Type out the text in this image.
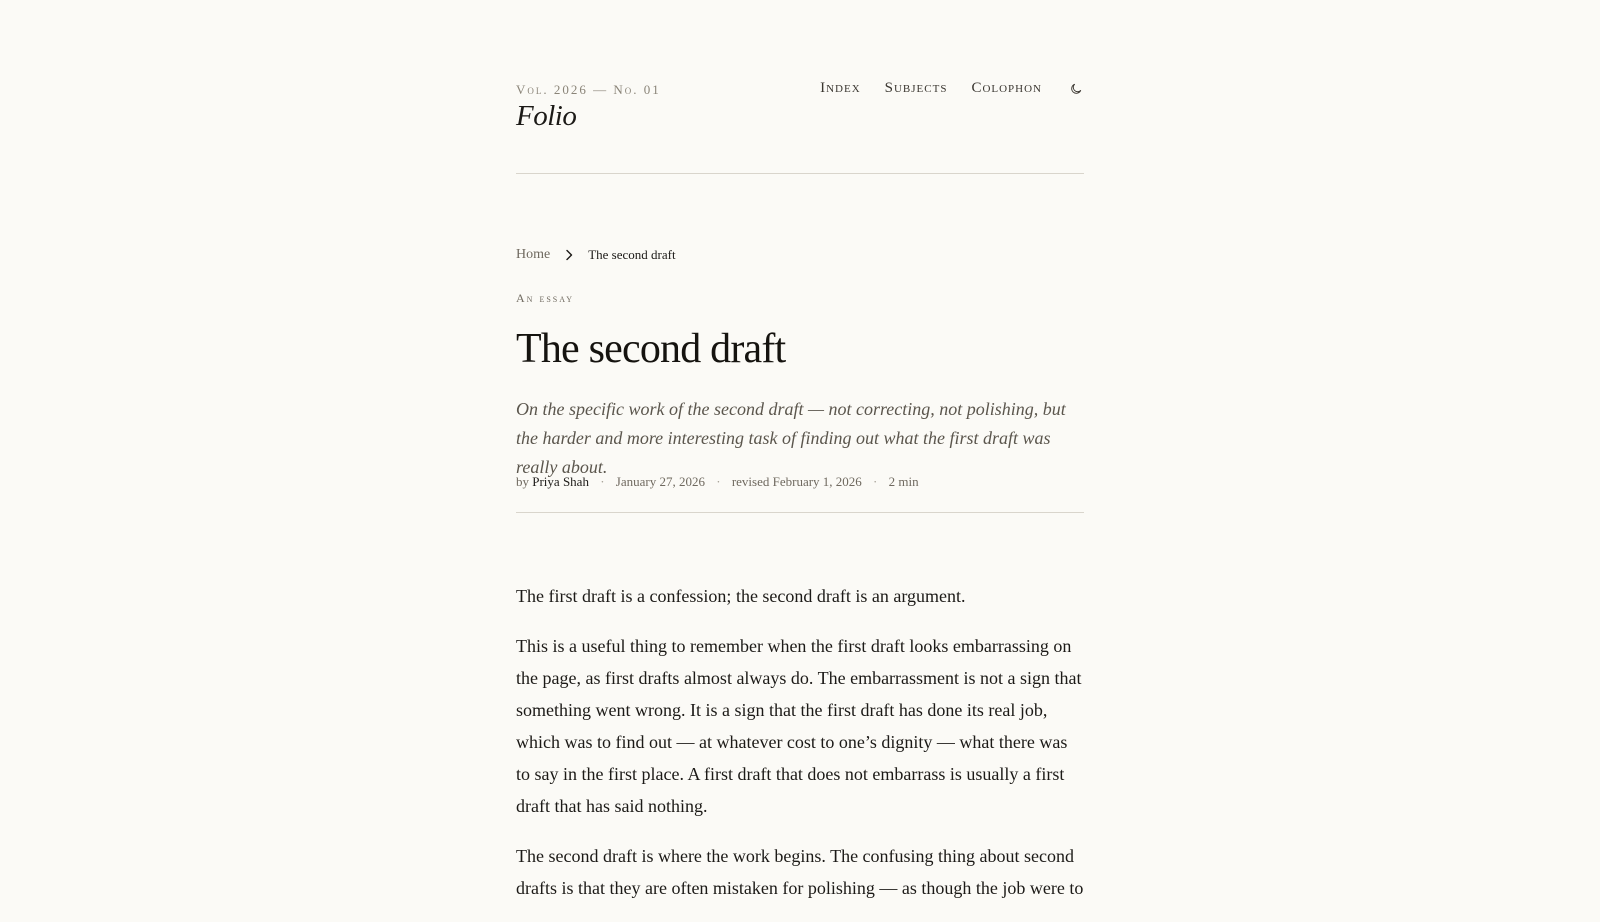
Vol. 2026 — No. 01
Folio
Index Subjects Colophon
Home	The second draft
An essay
The second draft

On the specific work of the second draft — not correcting, not polishing, but the harder and more interesting task of finding out what the first draft was really about.

by Priya Shah · January 27, 2026 · revised February 1, 2026 · 2 min

The first draft is a confession; the second draft is an argument.

This is a useful thing to remember when the first draft looks embarrassing on the page, as first drafts almost always do. The embarrassment is not a sign that something went wrong. It is a sign that the first draft has done its real job, which was to find out — at whatever cost to one’s dignity — what there was to say in the first place. A first draft that does not embarrass is usually a first draft that has said nothing.

The second draft is where the work begins. The confusing thing about second drafts is that they are often mistaken for polishing — as though the job were to
